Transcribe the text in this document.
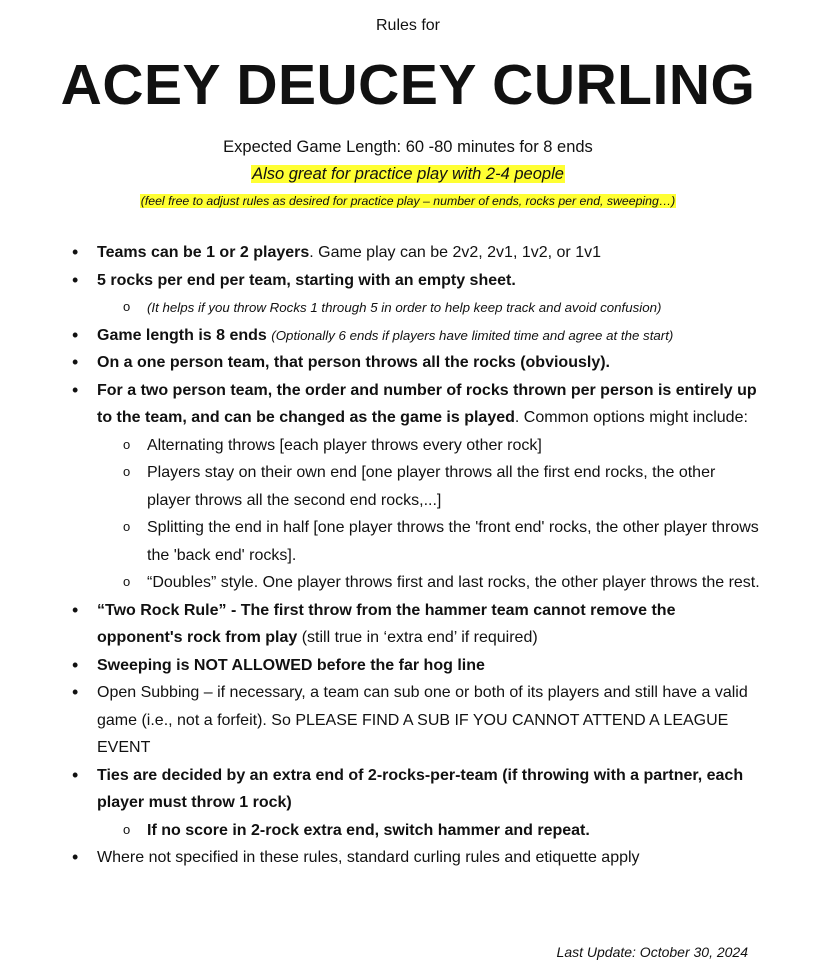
Rules for
ACEY DEUCEY CURLING
Expected Game Length: 60 -80 minutes for 8 ends
Also great for practice play with 2-4 people
(feel free to adjust rules as desired for practice play – number of ends, rocks per end, sweeping…)
• Teams can be 1 or 2 players. Game play can be 2v2, 2v1, 1v2, or 1v1
• 5 rocks per end per team, starting with an empty sheet.
o (It helps if you throw Rocks 1 through 5 in order to help keep track and avoid confusion)
• Game length is 8 ends (Optionally 6 ends if players have limited time and agree at the start)
• On a one person team, that person throws all the rocks (obviously).
• For a two person team, the order and number of rocks thrown per person is entirely up to the team, and can be changed as the game is played. Common options might include:
o Alternating throws [each player throws every other rock]
o Players stay on their own end [one player throws all the first end rocks, the other player throws all the second end rocks,...]
o Splitting the end in half [one player throws the 'front end' rocks, the other player throws the 'back end' rocks].
o “Doubles” style. One player throws first and last rocks, the other player throws the rest.
• “Two Rock Rule” - The first throw from the hammer team cannot remove the opponent's rock from play (still true in ‘extra end’ if required)
• Sweeping is NOT ALLOWED before the far hog line
• Open Subbing – if necessary, a team can sub one or both of its players and still have a valid game (i.e., not a forfeit). So PLEASE FIND A SUB IF YOU CANNOT ATTEND A LEAGUE EVENT
• Ties are decided by an extra end of 2-rocks-per-team (if throwing with a partner, each player must throw 1 rock)
o If no score in 2-rock extra end, switch hammer and repeat.
• Where not specified in these rules, standard curling rules and etiquette apply
Last Update: October 30, 2024
